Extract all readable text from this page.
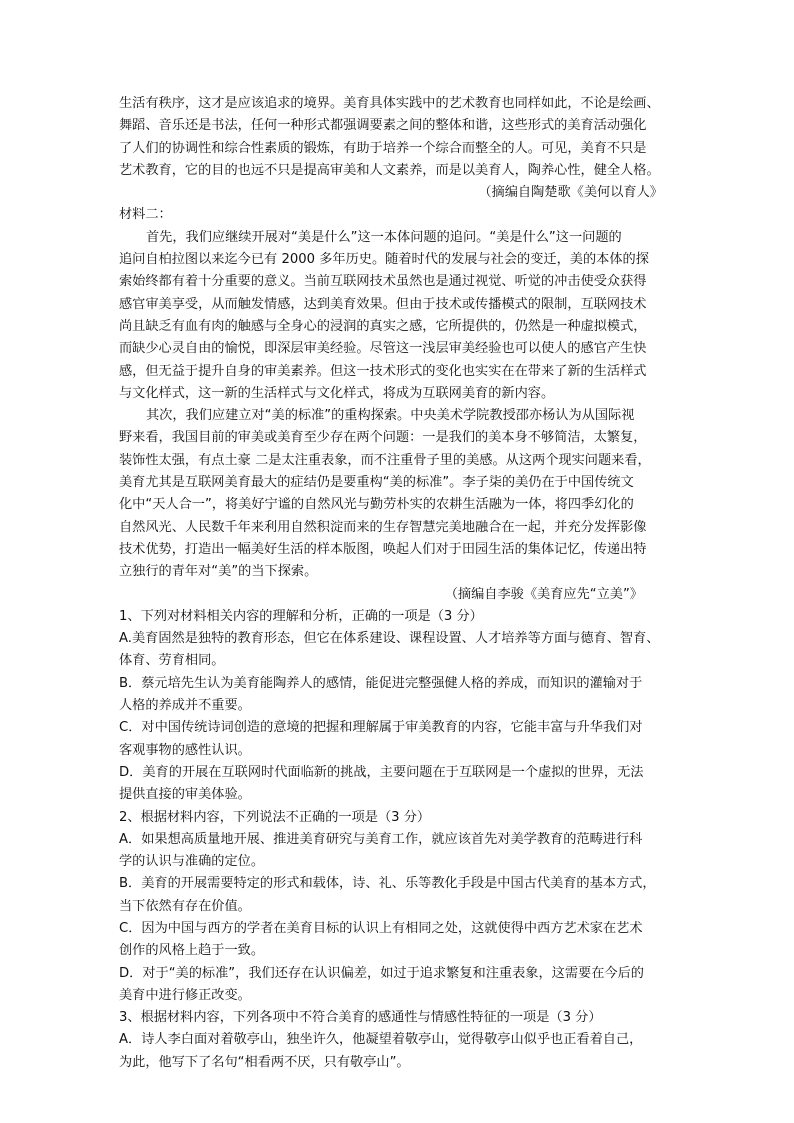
生活有秩序，这才是应该追求的境界。美育具体实践中的艺术教育也同样如此，不论是绘画、
舞蹈、音乐还是书法，任何一种形式都强调要素之间的整体和谐，这些形式的美育活动强化
了人们的协调性和综合性素质的锻炼，有助于培养一个综合而整全的人。可见，美育不只是
艺术教育，它的目的也远不只是提高审美和人文素养，而是以美育人，陶养心性，健全人格。
（摘编自陶楚歌《美何以育人》
材料二：
首先，我们应继续开展对“美是什么”这一本体问题的追问。“美是什么”这一问题的
追问自柏拉图以来迄今已有 2000 多年历史。随着时代的发展与社会的变迁，美的本体的探
索始终都有着十分重要的意义。当前互联网技术虽然也是通过视觉、听觉的冲击使受众获得
感官审美享受，从而触发情感，达到美育效果。但由于技术或传播模式的限制，互联网技术
尚且缺乏有血有肉的触感与全身心的浸润的真实之感，它所提供的，仍然是一种虚拟模式，
而缺少心灵自由的愉悦，即深层审美经验。尽管这一浅层审美经验也可以使人的感官产生快
感，但无益于提升自身的审美素养。但这一技术形式的变化也实实在在带来了新的生活样式
与文化样式，这一新的生活样式与文化样式，将成为互联网美育的新内容。
其次，我们应建立对“美的标准”的重构探索。中央美术学院教授邵亦杨认为从国际视
野来看，我国目前的审美或美育至少存在两个问题：一是我们的美本身不够简洁，太繁复，
装饰性太强，有点土豪 二是太注重表象，而不注重骨子里的美感。从这两个现实问题来看，
美育尤其是互联网美育最大的症结仍是要重构“美的标准”。李子柒的美仍在于中国传统文
化中“天人合一”，将美好宁谧的自然风光与勤劳朴实的农耕生活融为一体，将四季幻化的
自然风光、人民数千年来利用自然积淀而来的生存智慧完美地融合在一起，并充分发挥影像
技术优势，打造出一幅美好生活的样本版图，唤起人们对于田园生活的集体记忆，传递出特
立独行的青年对“美”的当下探索。
（摘编自李骏《美育应先“立美”》
1、下列对材料相关内容的理解和分析，正确的一项是（3 分）
A.美育固然是独特的教育形态，但它在体系建设、课程设置、人才培养等方面与德育、智育、
体育、劳育相同。
B．蔡元培先生认为美育能陶养人的感情，能促进完整强健人格的养成，而知识的灌输对于
人格的养成并不重要。
C．对中国传统诗词创造的意境的把握和理解属于审美教育的内容，它能丰富与升华我们对
客观事物的感性认识。
D．美育的开展在互联网时代面临新的挑战，主要问题在于互联网是一个虚拟的世界，无法
提供直接的审美体验。
2、根据材料内容，下列说法不正确的一项是（3 分）
A．如果想高质量地开展、推进美育研究与美育工作，就应该首先对美学教育的范畴进行科
学的认识与准确的定位。
B．美育的开展需要特定的形式和载体，诗、礼、乐等教化手段是中国古代美育的基本方式，
当下依然有存在价值。
C．因为中国与西方的学者在美育目标的认识上有相同之处，这就使得中西方艺术家在艺术
创作的风格上趋于一致。
D．对于“美的标准”，我们还存在认识偏差，如过于追求繁复和注重表象，这需要在今后的
美育中进行修正改变。
3、根据材料内容，下列各项中不符合美育的感通性与情感性特征的一项是（3 分）
A．诗人李白面对着敬亭山，独坐许久，他凝望着敬亭山，觉得敬亭山似乎也正看着自己，
为此，他写下了名句“相看两不厌，只有敬亭山”。
